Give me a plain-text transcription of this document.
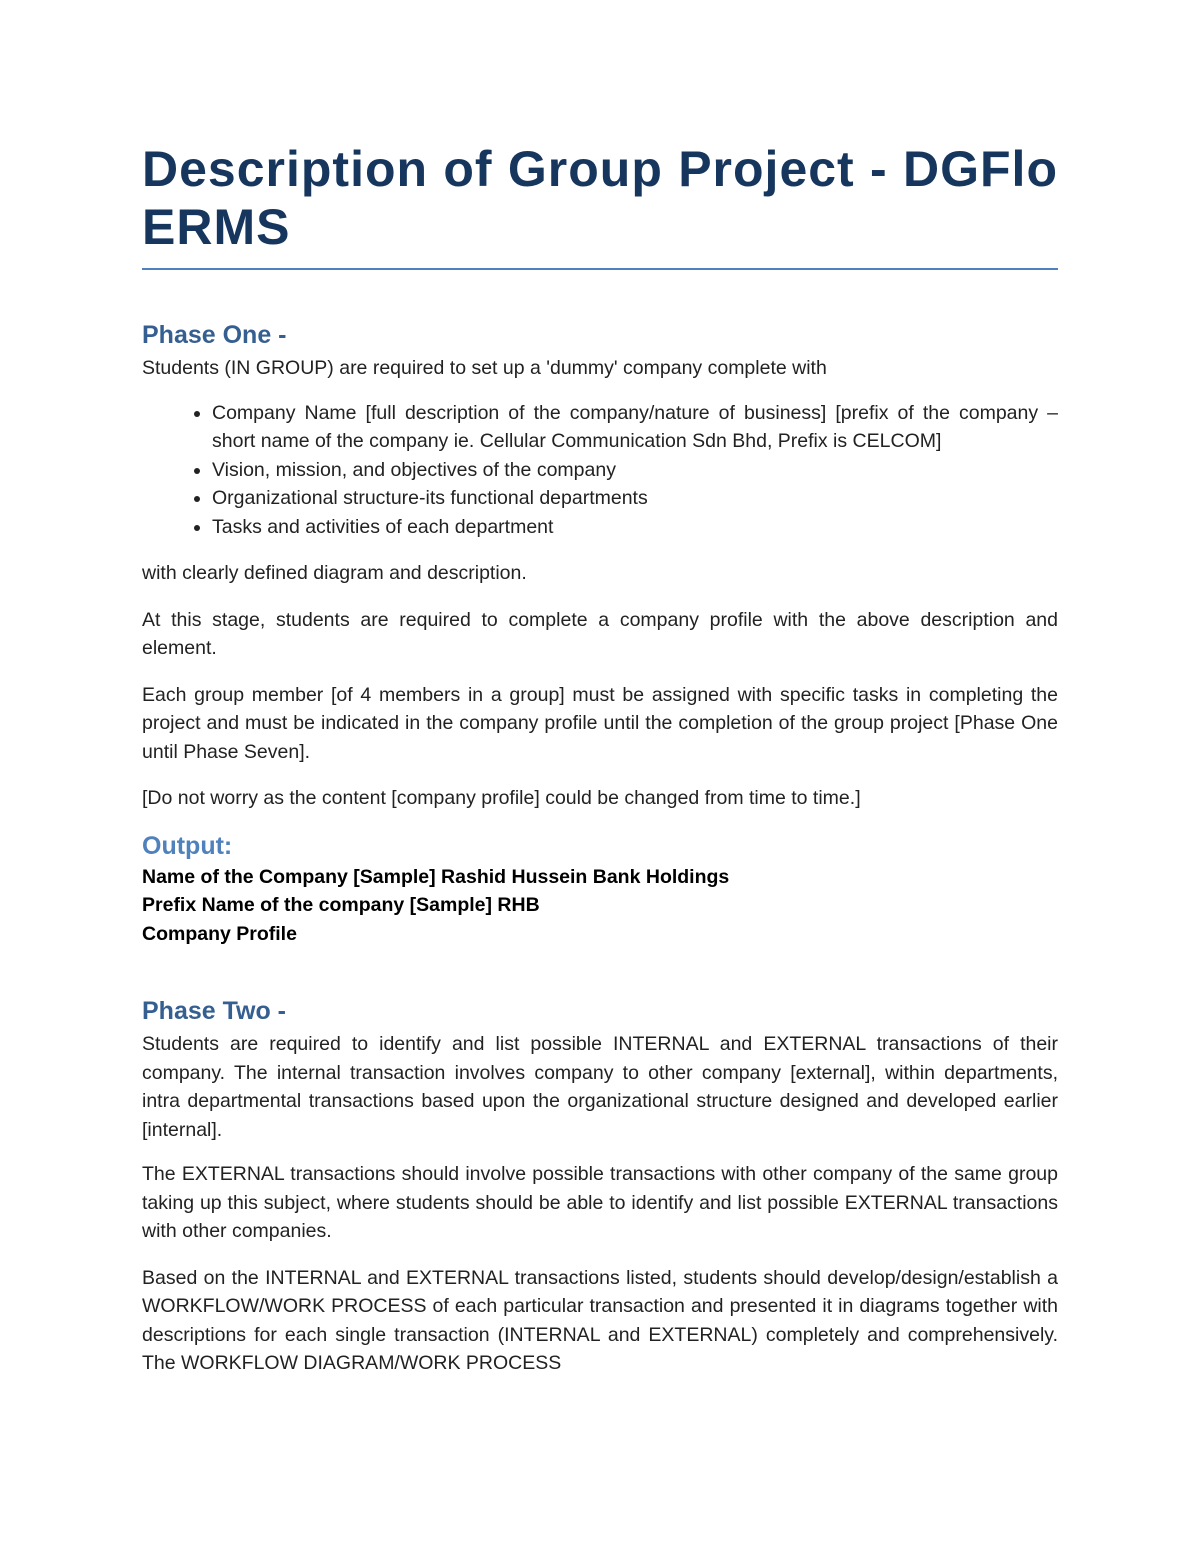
Description of Group Project - DGFlo
ERMS
Phase One -

Students (IN GROUP) are required to set up a 'dummy' company complete with

• Company Name [full description of the company/nature of business] [prefix of the company – short name of the company ie. Cellular Communication Sdn Bhd, Prefix is CELCOM]
• Vision, mission, and objectives of the company
• Organizational structure-its functional departments
• Tasks and activities of each department

with clearly defined diagram and description.

At this stage, students are required to complete a company profile with the above description and element.

Each group member [of 4 members in a group] must be assigned with specific tasks in completing the project and must be indicated in the company profile until the completion of the group project [Phase One until Phase Seven].

[Do not worry as the content [company profile] could be changed from time to time.]

Output:
Name of the Company [Sample] Rashid Hussein Bank Holdings
Prefix Name of the company [Sample] RHB
Company Profile
Phase Two -

Students are required to identify and list possible INTERNAL and EXTERNAL transactions of their company. The internal transaction involves company to other company [external], within departments, intra departmental transactions based upon the organizational structure designed and developed earlier [internal].

The EXTERNAL transactions should involve possible transactions with other company of the same group taking up this subject, where students should be able to identify and list possible EXTERNAL transactions with other companies.

Based on the INTERNAL and EXTERNAL transactions listed, students should develop/design/establish a WORKFLOW/WORK PROCESS of each particular transaction and presented it in diagrams together with descriptions for each single transaction (INTERNAL and EXTERNAL) completely and comprehensively. The WORKFLOW DIAGRAM/WORK PROCESS
